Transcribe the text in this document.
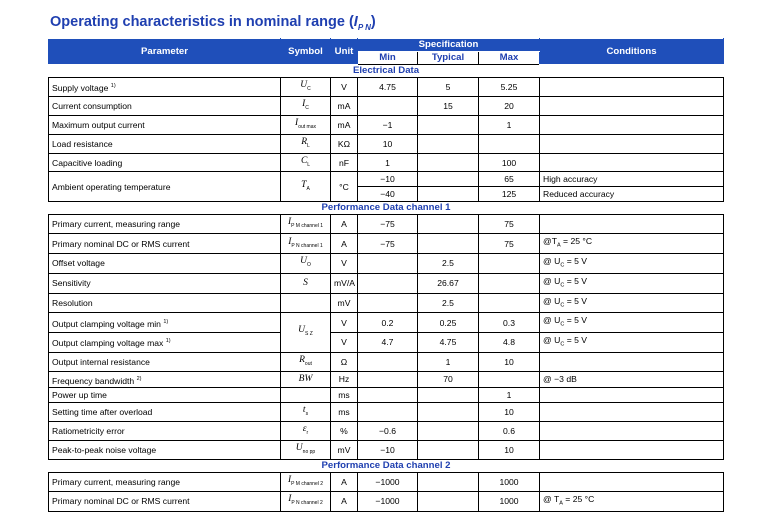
Operating characteristics in nominal range $(I_{P N})$
Parameter	Symbol	Unit	Specification			Conditions
			Min	Typical	Max	
Electrical Data						
Supply voltage $^{1)}$	$U_C$	V	4.75	5	5.25	
Current consumption	$I_C$	mA		15	20	
Maximum output current	$I_{out max}$	mA	−1		1	
Load resistance	$R_L$	KΩ	10			
Capacitive loading	$C_L$	nF	1		100	
Ambient operating temperature	$T_A$	°C	−10		65	High accuracy
			−40		125	Reduced accuracy
Performance Data channel 1						
Primary current, measuring range	$I_{P M channel 1}$	A	−75		75	
Primary nominal DC or RMS current	$I_{P N channel 1}$	A	−75		75	$@T_A = 25$ °C
Offset voltage	$U_O$	V		2.5		@ $U_C = 5$ V
Sensitivity	S	mV/A		26.67		@ $U_C = 5$ V
Resolution		mV		2.5		@ $U_C = 5$ V
Output clamping voltage min $^{1)}$	$U_{S Z}$	V	0.2	0.25	0.3	@ $U_C = 5$ V
Output clamping voltage max $^{1)}$		V	4.7	4.75	4.8	@ $U_C = 5$ V
Output internal resistance	$R_{out}$	Ω		1	10	
Frequency bandwidth $^{2)}$	BW	Hz		70		@ −3 dB
Power up time		ms			1	
Setting time after overload	$t_s$	ms			10	
Ratiometricity error	$\varepsilon_r$	%	−0.6		0.6	
Peak-to-peak noise voltage	$U_{no pp}$	mV	−10		10	
Performance Data channel 2						
Primary current, measuring range	$I_{P M channel 2}$	A	−1000		1000	
Primary nominal DC or RMS current	$I_{P N channel 2}$	A	−1000		1000	@ $T_A = 25$ °C
